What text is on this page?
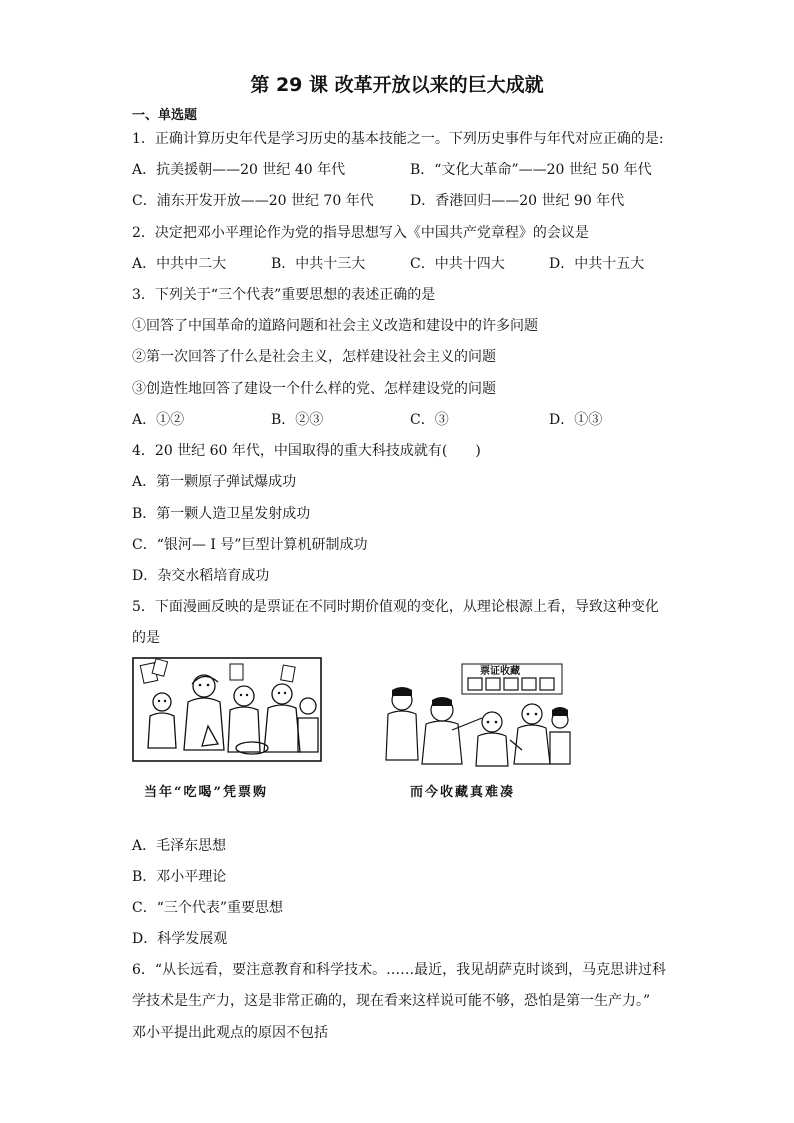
第 29 课 改革开放以来的巨大成就
一、单选题
1．正确计算历史年代是学习历史的基本技能之一。下列历史事件与年代对应正确的是:
A．抗美援朝——20 世纪 40 年代	B．“文化大革命”——20 世纪 50 年代
C．浦东开发开放——20 世纪 70 年代	D．香港回归——20 世纪 90 年代
2．决定把邓小平理论作为党的指导思想写入《中国共产党章程》的会议是
A．中共中二大	B．中共十三大	C．中共十四大	D．中共十五大
3．下列关于“三个代表”重要思想的表述正确的是
①回答了中国革命的道路问题和社会主义改造和建设中的许多问题
②第一次回答了什么是社会主义，怎样建设社会主义的问题
③创造性地回答了建设一个什么样的党、怎样建设党的问题
A．①②	B．②③	C．③	D．①③
4．20 世纪 60 年代，中国取得的重大科技成就有(　　)
A．第一颗原子弹试爆成功
B．第一颗人造卫星发射成功
C．“银河— I 号”巨型计算机研制成功
D．杂交水稻培育成功
5．下面漫画反映的是票证在不同时期价值观的变化，从理论根源上看，导致这种变化
的是
当年“吃喝”凭票购
票证收藏
而今收藏真难凑
A．毛泽东思想
B．邓小平理论
C．“三个代表”重要思想
D．科学发展观
6．“从长远看，要注意教育和科学技术。……最近，我见胡萨克时谈到，马克思讲过科
学技术是生产力，这是非常正确的，现在看来这样说可能不够，恐怕是第一生产力。”
邓小平提出此观点的原因不包括
